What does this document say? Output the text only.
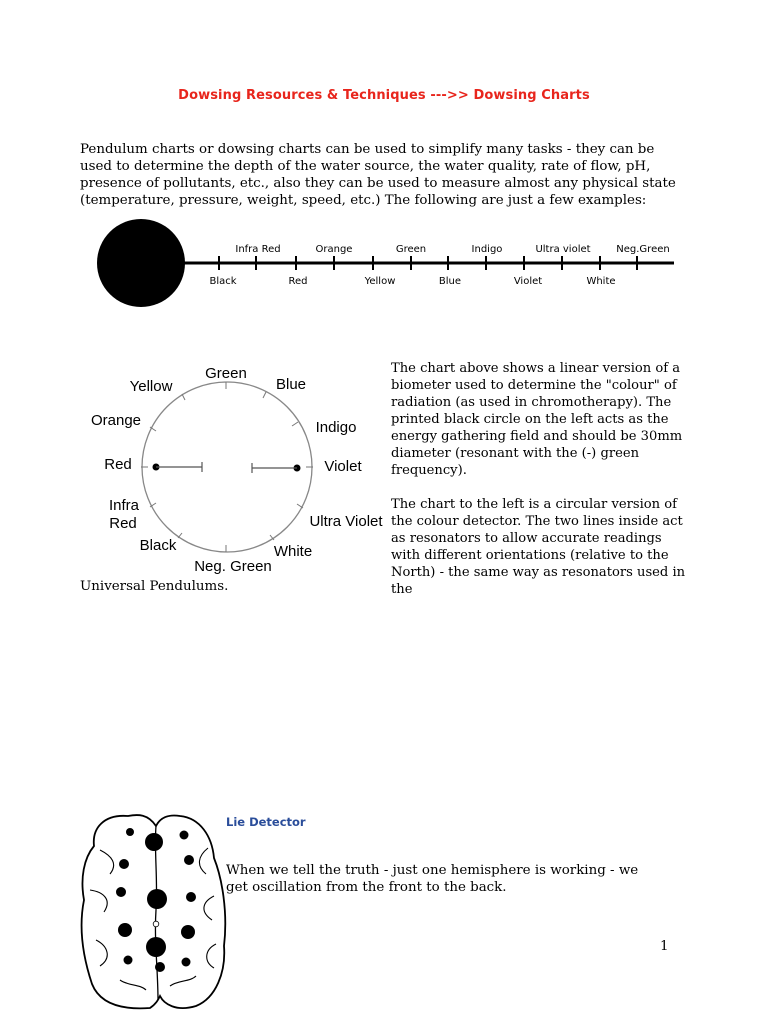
Dowsing Resources & Techniques --->> Dowsing Charts
Pendulum charts or dowsing charts can be used to simplify many tasks - they can be used to determine the depth of the water source, the water quality, rate of flow, pH, presence of pollutants, etc., also they can be used to measure almost any physical state (temperature, pressure, weight, speed, etc.) The following are just a few examples:
Infra Red	Orange	Green	Indigo	Ultra violet	Neg.Green
Black	Red	Yellow	Blue	Violet	White
Green
Yellow	Blue
Orange	Indigo
Red	Violet
Infra
Red	Ultra Violet
Black	White
Neg. Green

The chart above shows a linear version of a biometer used to determine the "colour" of radiation (as used in chromotherapy). The printed black circle on the left acts as the energy gathering field and should be 30mm diameter (resonant with the (-) green frequency).

The chart to the left is a circular version of the colour detector. The two lines inside act as resonators to allow accurate readings with different orientations (relative to the North) - the same way as resonators used in the

Universal Pendulums.
Lie Detector
When we tell the truth - just one hemisphere is working - we get oscillation from the front to the back.
1
